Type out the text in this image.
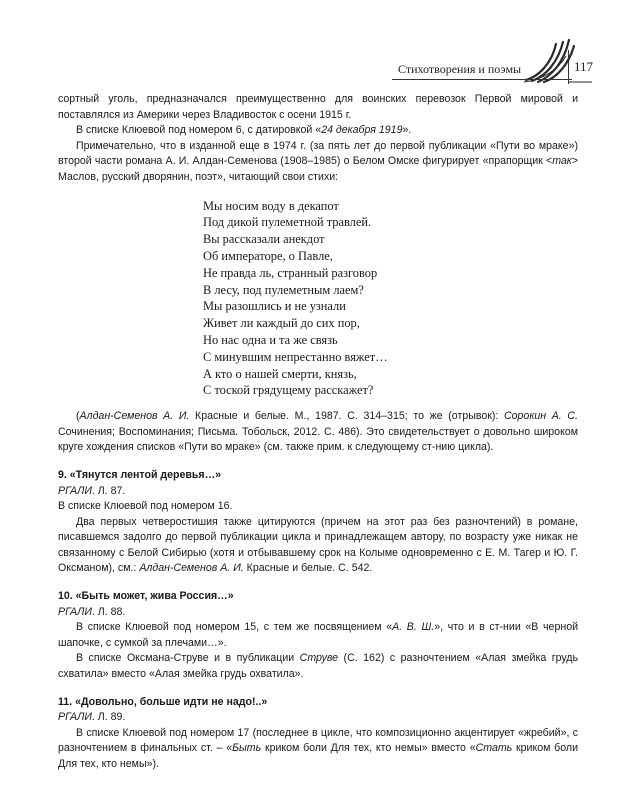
Стихотворения и поэмы	117

сортный уголь, предназначался преимущественно для воинских перевозок Первой мировой и поставлялся из Америки через Владивосток с осени 1915 г.

В списке Клюевой под номером 6, с датировкой «24 декабря 1919».

Примечательно, что в изданной еще в 1974 г. (за пять лет до первой публикации «Пути во мраке») второй части романа А. И. Алдан-Семенова (1908–1985) о Белом Омске фигурирует «прапорщик <так> Маслов, русский дворянин, поэт», читающий свои стихи:

Мы носим воду в декапот
Под дикой пулеметной травлей.
Вы рассказали анекдот
Об императоре, о Павле,
Не правда ль, странный разговор
В лесу, под пулеметным лаем?
Мы разошлись и не узнали
Живет ли каждый до сих пор,
Но нас одна и та же связь
С минувшим непрестанно вяжет…
А кто о нашей смерти, князь,
С тоской грядущему расскажет?

(Алдан-Семенов А. И. Красные и белые. М., 1987. С. 314–315; то же (отрывок): Сорокин А. С. Сочинения; Воспоминания; Письма. Тобольск, 2012. С. 486). Это свидетельствует о довольно широком круге хождения списков «Пути во мраке» (см. также прим. к следующему ст-нию цикла).

9. «Тянутся лентой деревья…»

РГАЛИ. Л. 87.

В списке Клюевой под номером 16.

Два первых четверостишия также цитируются (причем на этот раз без разночтений) в романе, писавшемся задолго до первой публикации цикла и принадлежащем автору, по возрасту уже никак не связанному с Белой Сибирью (хотя и отбывавшему срок на Колыме одновременно с Е. М. Тагер и Ю. Г. Оксманом), см.: Алдан-Семенов А. И. Красные и белые. С. 542.

10. «Быть может, жива Россия…»

РГАЛИ. Л. 88.

В списке Клюевой под номером 15, с тем же посвящением «А. В. Ш.», что и в ст-нии «В черной шапочке, с сумкой за плечами…».

В списке Оксмана-Струве и в публикации Струве (С. 162) с разночтением «Алая змейка грудь схватила» вместо «Алая змейка грудь охватила».

11. «Довольно, больше идти не надо!..»

РГАЛИ. Л. 89.

В списке Клюевой под номером 17 (последнее в цикле, что композиционно акцентирует «жребий», с разночтением в финальных ст. – «Быть криком боли Для тех, кто немы» вместо «Стать криком боли Для тех, кто немы»).
